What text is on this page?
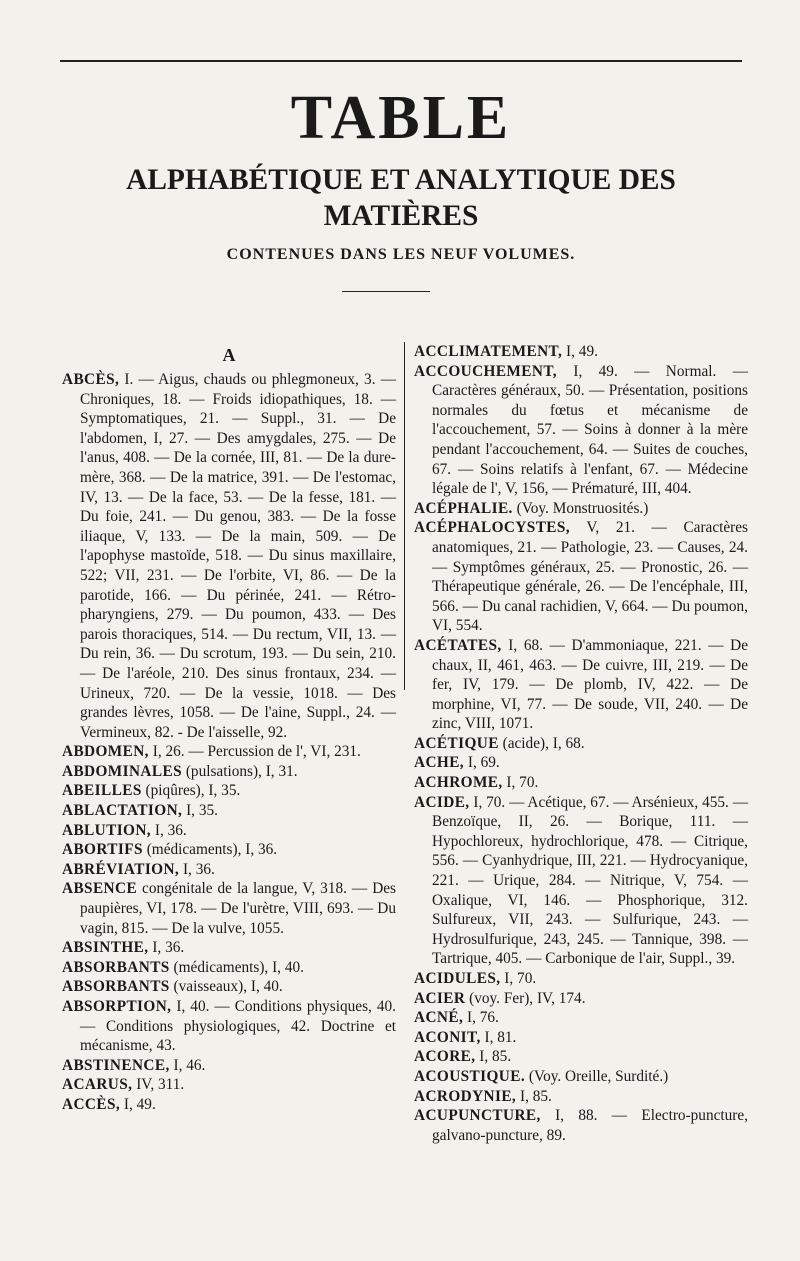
TABLE
ALPHABÉTIQUE ET ANALYTIQUE DES MATIÈRES
CONTENUES DANS LES NEUF VOLUMES.
A

ABCÈS, I. — Aigus, chauds ou phlegmoneux, 3. — Chroniques, 18. — Froids idiopathiques, 18. — Symptomatiques, 21. — Suppl., 31. — De l'abdomen, I, 27. — Des amygdales, 275. — De l'anus, 408. — De la cornée, III, 81. — De la dure-mère, 368. — De la matrice, 391. — De l'estomac, IV, 13. — De la face, 53. — De la fesse, 181. — Du foie, 241. — Du genou, 383. — De la fosse iliaque, V, 133. — De la main, 509. — De l'apophyse mastoïde, 518. — Du sinus maxillaire, 522; VII, 231. — De l'orbite, VI, 86. — De la parotide, 166. — Du périnée, 241. — Rétro-pharyngiens, 279. — Du poumon, 433. — Des parois thoraciques, 514. — Du rectum, VII, 13. — Du rein, 36. — Du scrotum, 193. — Du sein, 210. — De l'aréole, 210. Des sinus frontaux, 234. — Urineux, 720. — De la vessie, 1018. — Des grandes lèvres, 1058. — De l'aine, Suppl., 24. — Vermineux, 82. - De l'aisselle, 92.

ABDOMEN, I, 26. — Percussion de l', VI, 231.

ABDOMINALES (pulsations), I, 31.

ABEILLES (piqûres), I, 35.

ABLACTATION, I, 35.

ABLUTION, I, 36.

ABORTIFS (médicaments), I, 36.

ABRÉVIATION, I, 36.

ABSENCE congénitale de la langue, V, 318. — Des paupières, VI, 178. — De l'urètre, VIII, 693. — Du vagin, 815. — De la vulve, 1055.

ABSINTHE, I, 36.

ABSORBANTS (médicaments), I, 40.

ABSORBANTS (vaisseaux), I, 40.

ABSORPTION, I, 40. — Conditions physiques, 40. — Conditions physiologiques, 42. Doctrine et mécanisme, 43.

ABSTINENCE, I, 46.

ACARUS, IV, 311.

ACCÈS, I, 49.

ACCLIMATEMENT, I, 49.

ACCOUCHEMENT, I, 49. — Normal. — Caractères généraux, 50. — Présentation, positions normales du fœtus et mécanisme de l'accouchement, 57. — Soins à donner à la mère pendant l'accouchement, 64. — Suites de couches, 67. — Soins relatifs à l'enfant, 67. — Médecine légale de l', V, 156, — Prématuré, III, 404.

ACÉPHALIE. (Voy. Monstruosités.)

ACÉPHALOCYSTES, V, 21. — Caractères anatomiques, 21. — Pathologie, 23. — Causes, 24. — Symptômes généraux, 25. — Pronostic, 26. — Thérapeutique générale, 26. — De l'encéphale, III, 566. — Du canal rachidien, V, 664. — Du poumon, VI, 554.

ACÉTATES, I, 68. — D'ammoniaque, 221. — De chaux, II, 461, 463. — De cuivre, III, 219. — De fer, IV, 179. — De plomb, IV, 422. — De morphine, VI, 77. — De soude, VII, 240. — De zinc, VIII, 1071.

ACÉTIQUE (acide), I, 68.

ACHE, I, 69.

ACHROME, I, 70.

ACIDE, I, 70. — Acétique, 67. — Arsénieux, 455. — Benzoïque, II, 26. — Borique, 111. — Hypochloreux, hydrochlorique, 478. — Citrique, 556. — Cyanhydrique, III, 221. — Hydrocyanique, 221. — Urique, 284. — Nitrique, V, 754. — Oxalique, VI, 146. — Phosphorique, 312. Sulfureux, VII, 243. — Sulfurique, 243. — Hydrosulfurique, 243, 245. — Tannique, 398. — Tartrique, 405. — Carbonique de l'air, Suppl., 39.

ACIDULES, I, 70.

ACIER (voy. Fer), IV, 174.

ACNÉ, I, 76.

ACONIT, I, 81.

ACORE, I, 85.

ACOUSTIQUE. (Voy. Oreille, Surdité.)

ACRODYNIE, I, 85.

ACUPUNCTURE, I, 88. — Electro-puncture, galvano-puncture, 89.
